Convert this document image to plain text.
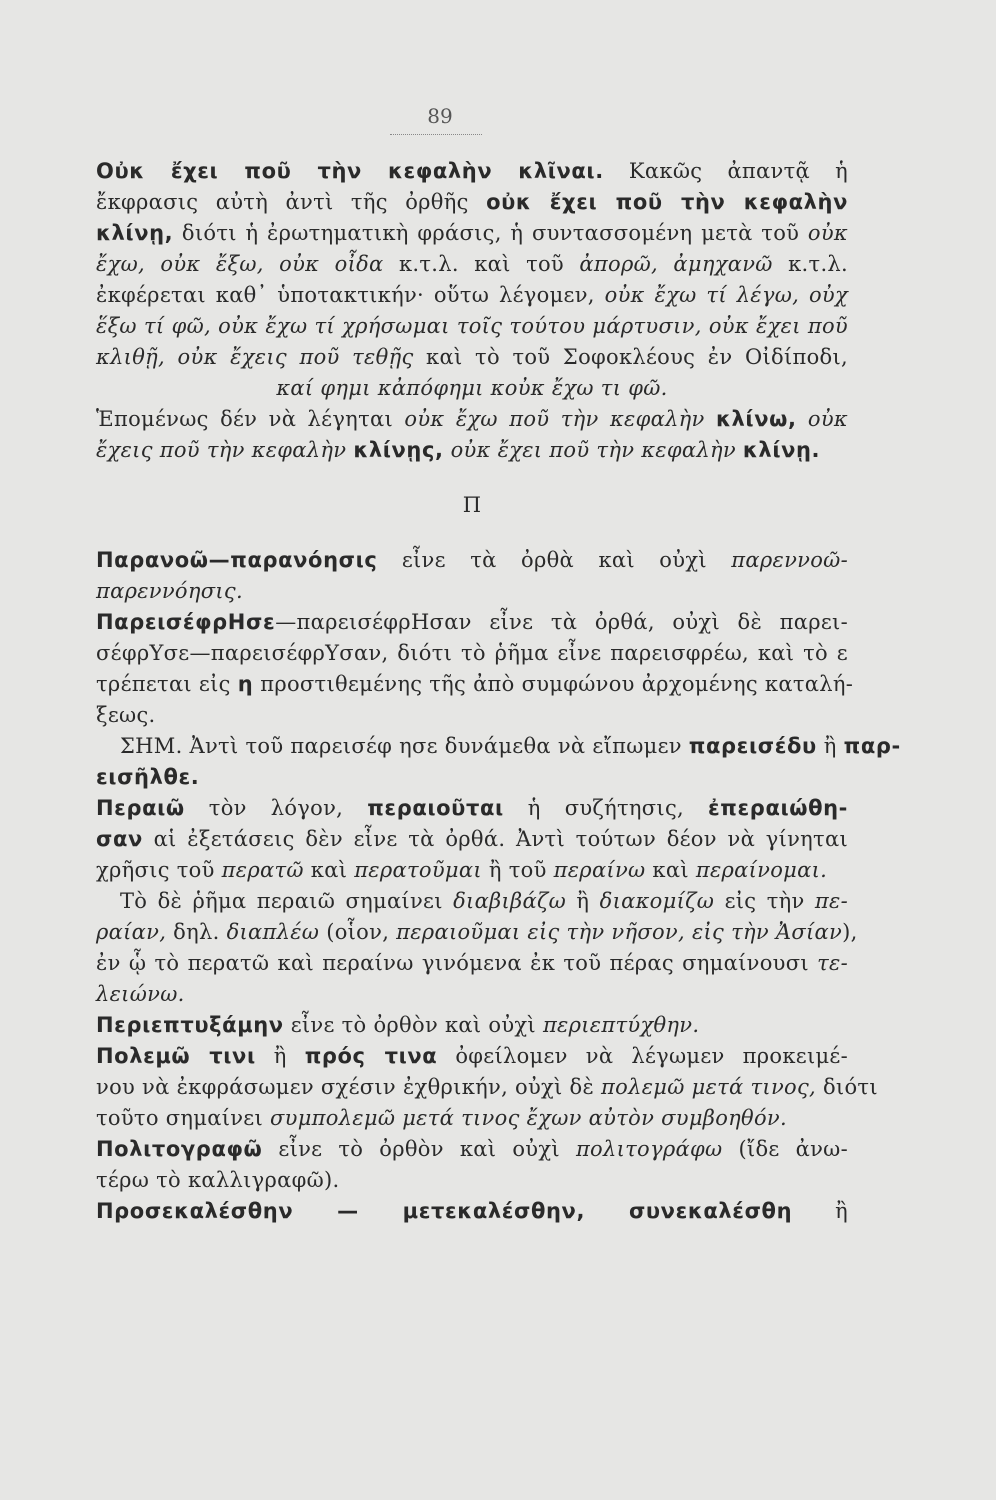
89
Οὐκ ἔχει ποῦ τὴν κεφαλὴν κλῖναι. Κακῶς ἀπαντᾷ ἡ
ἔκφρασις αὐτὴ ἀντὶ τῆς ὀρθῆς οὐκ ἔχει ποῦ τὴν κεφαλὴν
κλίνῃ, διότι ἡ ἐρωτηματικὴ φράσις, ἡ συντασσομένη μετὰ τοῦ οὐκ
ἔχω, οὐκ ἔξω, οὐκ οἶδα κ.τ.λ. καὶ τοῦ ἀπορῶ, ἀμηχανῶ κ.τ.λ.
ἐκφέρεται καθ᾽ ὑποτακτικήν· οὕτω λέγομεν, οὐκ ἔχω τί λέγω, οὐχ
ἕξω τί φῶ, οὐκ ἔχω τί χρήσωμαι τοῖς τούτου μάρτυσιν, οὐκ ἔχει ποῦ
κλιθῇ, οὐκ ἔχεις ποῦ τεθῇς καὶ τὸ τοῦ Σοφοκλέους ἐν Οἰδίποδι,
καί φημι κἀπόφημι κοὐκ ἔχω τι φῶ.
Ἑπομένως δέν νὰ λέγηται οὐκ ἔχω ποῦ τὴν κεφαλὴν κλίνω, οὐκ
ἔχεις ποῦ τὴν κεφαλὴν κλίνῃς, οὐκ ἔχει ποῦ τὴν κεφαλὴν κλίνῃ.
Π
Παρανοῶ—παρανόησις εἶνε τὰ ὀρθὰ καὶ οὐχὶ παρεννοῶ-
παρεννόησις.
ΠαρεισέφρΗσε—παρεισέφρΗσαν εἶνε τὰ ὀρθά, οὐχὶ δὲ παρει-
σέφρΥσε—παρεισέφρΥσαν, διότι τὸ ῥῆμα εἶνε παρεισφρέω, καὶ τὸ ε
τρέπεται εἰς η προστιθεμένης τῆς ἀπὸ συμφώνου ἀρχομένης καταλή-
ξεως.
ΣΗΜ. Ἀντὶ τοῦ παρεισέφ ησε δυνάμεθα νὰ εἴπωμεν παρεισέδυ ἢ παρ-
εισῆλθε.
Περαιῶ τὸν λόγον, περαιοῦται ἡ συζήτησις, ἐπεραιώθη-
σαν αἱ ἐξετάσεις δὲν εἶνε τὰ ὀρθά. Ἀντὶ τούτων δέον νὰ γίνηται
χρῆσις τοῦ περατῶ καὶ περατοῦμαι ἢ τοῦ περαίνω καὶ περαίνομαι.
Τὸ δὲ ῥῆμα περαιῶ σημαίνει διαβιβάζω ἢ διακομίζω εἰς τὴν πε-
ραίαν, δηλ. διαπλέω (οἷον, περαιοῦμαι εἰς τὴν νῆσον, εἰς τὴν Ἀσίαν),
ἐν ᾧ τὸ περατῶ καὶ περαίνω γινόμενα ἐκ τοῦ πέρας σημαίνουσι τε-
λειώνω.
Περιεπτυξάμην εἶνε τὸ ὀρθὸν καὶ οὐχὶ περιεπτύχθην.
Πολεμῶ τινι ἢ πρός τινα ὀφείλομεν νὰ λέγωμεν προκειμέ-
νου νὰ ἐκφράσωμεν σχέσιν ἐχθρικήν, οὐχὶ δὲ πολεμῶ μετά τινος, διότι
τοῦτο σημαίνει συμπολεμῶ μετά τινος ἔχων αὐτὸν συμβοηθόν.
Πολιτογραφῶ εἶνε τὸ ὀρθὸν καὶ οὐχὶ πολιτογράφω (ἴδε ἀνω-
τέρω τὸ καλλιγραφῶ).
Προσεκαλέσθην — μετεκαλέσθην, συνεκαλέσθη ἢ
